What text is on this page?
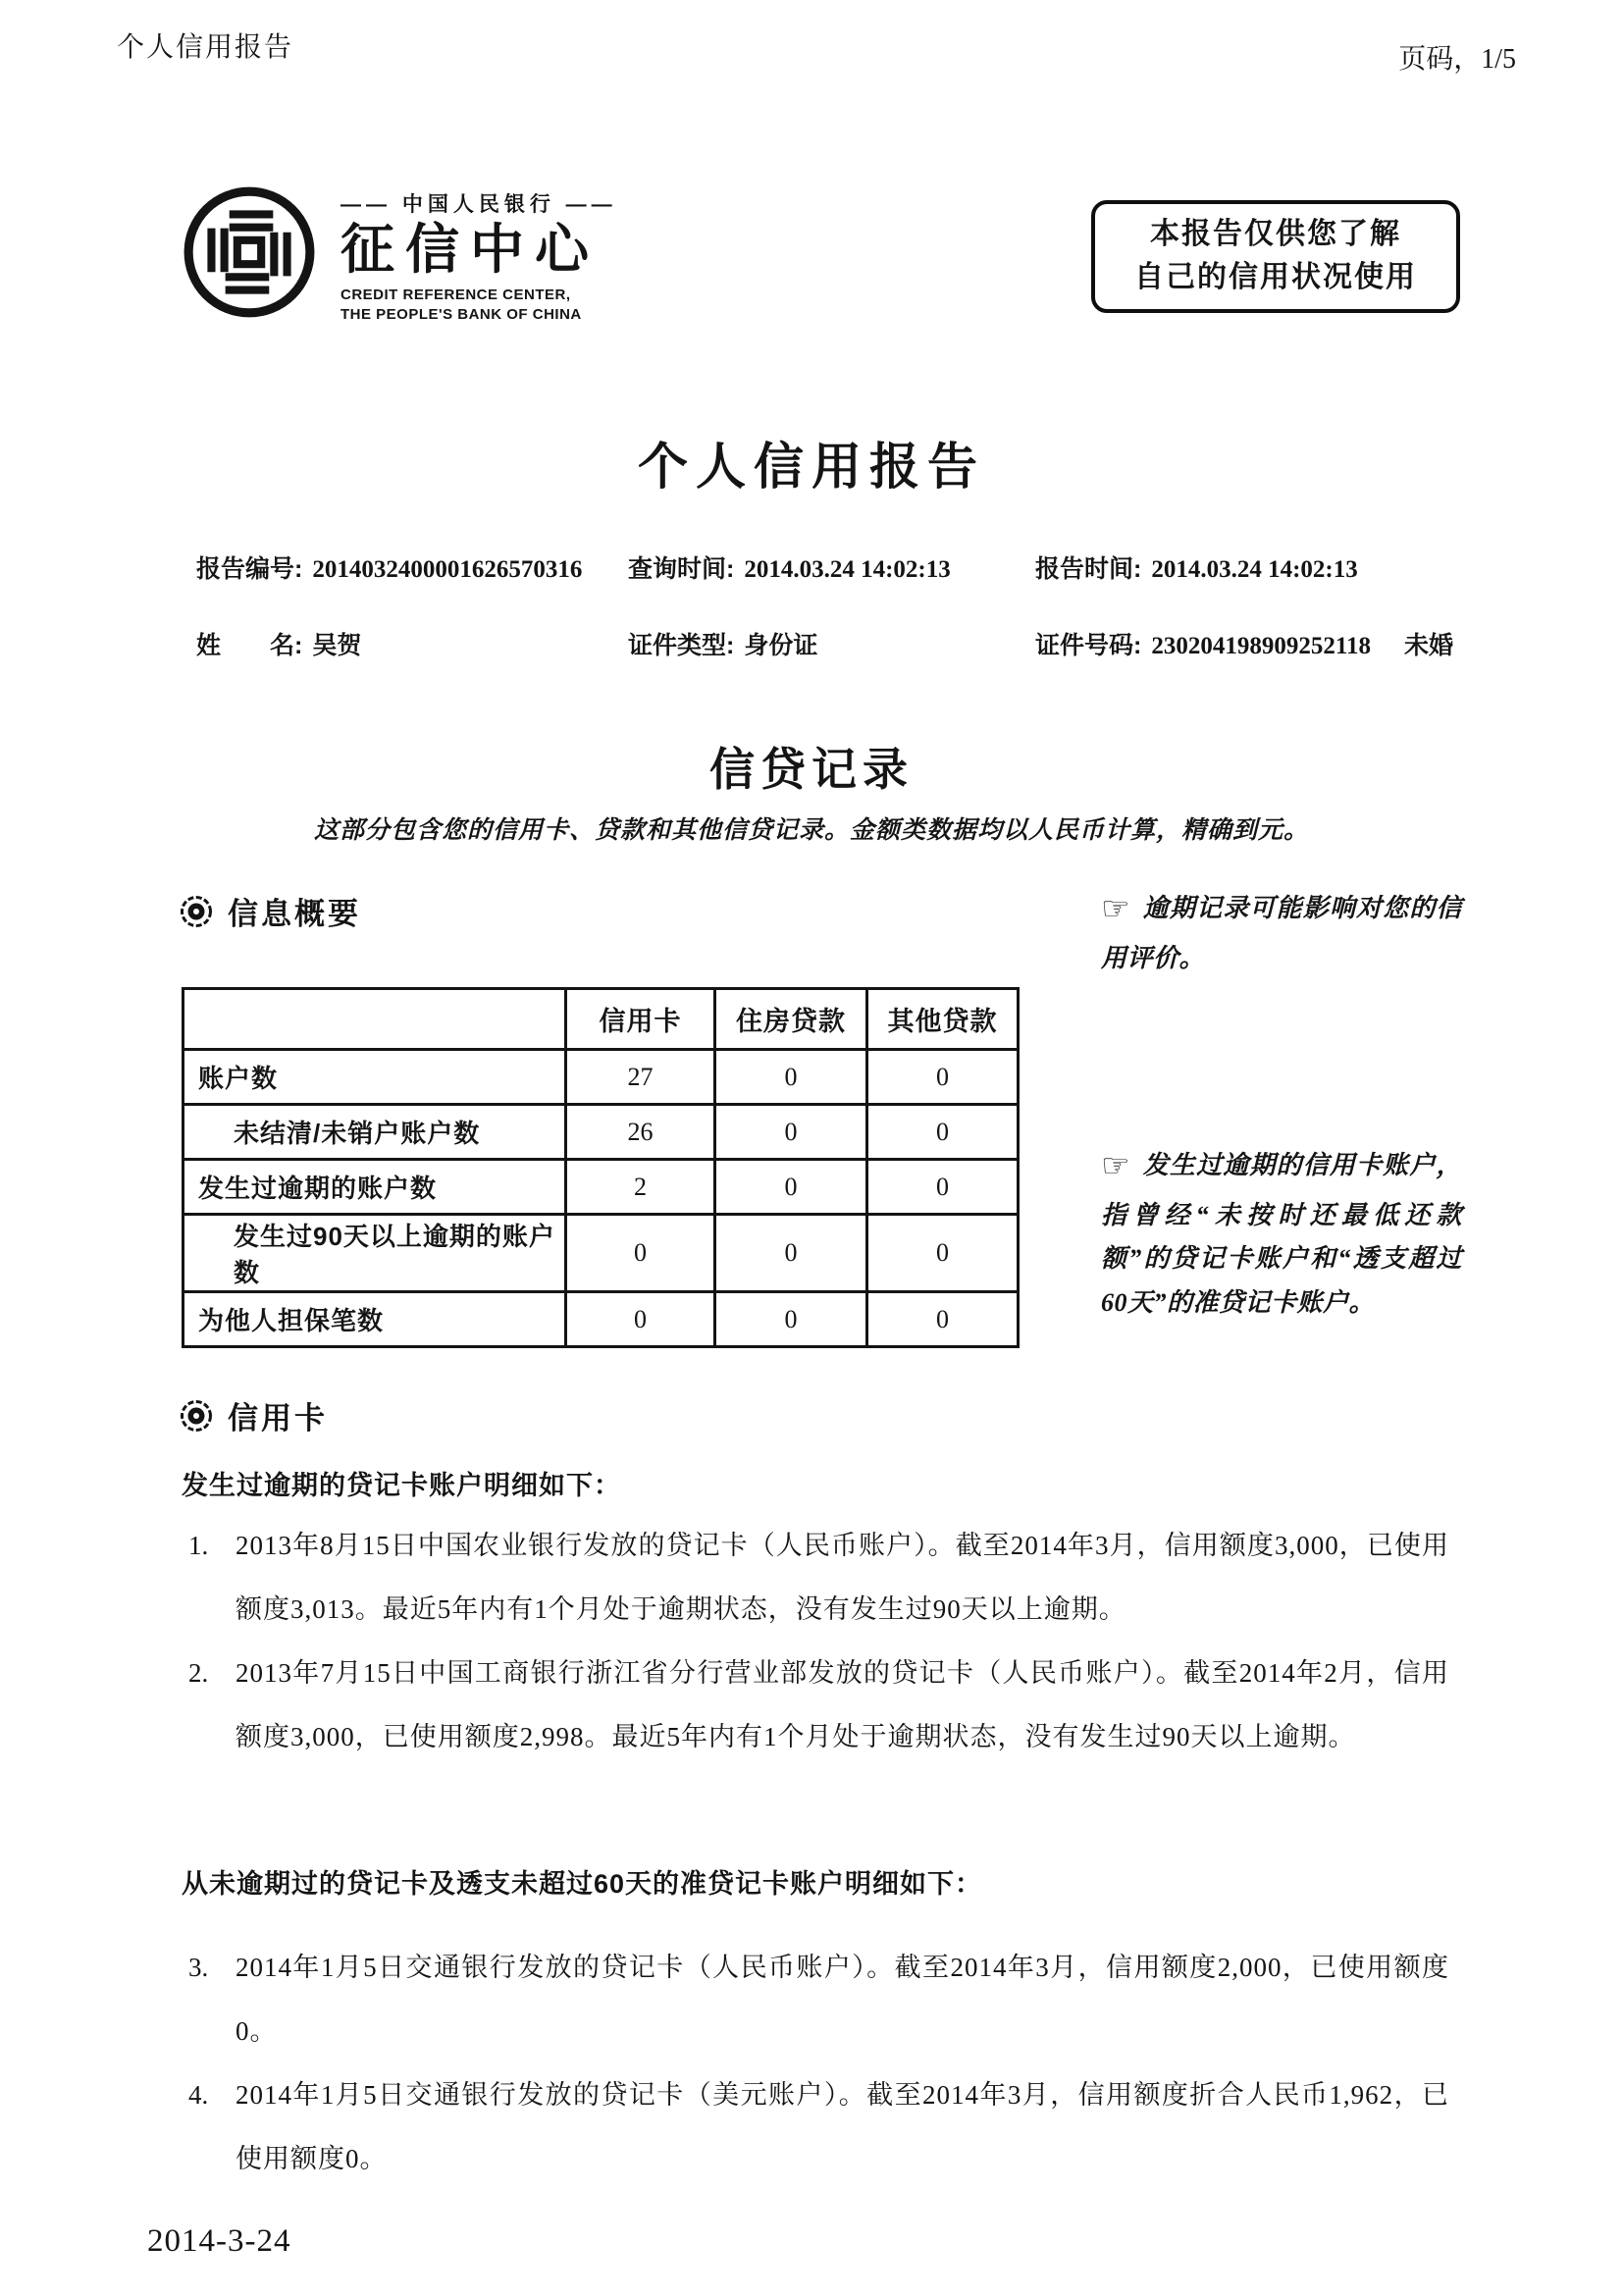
个人信用报告	页码，1/5
—— 中国人民银行 ——
征信中心
CREDIT REFERENCE CENTER,
THE PEOPLE'S BANK OF CHINA
本报告仅供您了解
自己的信用状况使用
个人信用报告
报告编号: 2014032400001626570316	查询时间: 2014.03.24 14:02:13	报告时间: 2014.03.24 14:02:13
姓　　名: 吴贺	证件类型: 身份证	证件号码: 230204198909252118 未婚
信贷记录
这部分包含您的信用卡、贷款和其他信贷记录。金额类数据均以人民币计算，精确到元。
信息概要	☞ 逾期记录可能影响对您的信用评价。
	信用卡	住房贷款	其他贷款
账户数	27	0	0
未结清/未销户账户数	26	0	0
发生过逾期的账户数	2	0	0
发生过90天以上逾期的账户数	0	0	0
为他人担保笔数	0	0	0
☞ 发生过逾期的信用卡账户，指曾经“未按时还最低还款额”的贷记卡账户和“透支超过60天”的准贷记卡账户。
信用卡
发生过逾期的贷记卡账户明细如下：
1.	2013年8月15日中国农业银行发放的贷记卡（人民币账户）。截至2014年3月，信用额度3,000，已使用额度3,013。最近5年内有1个月处于逾期状态，没有发生过90天以上逾期。

2.	2013年7月15日中国工商银行浙江省分行营业部发放的贷记卡（人民币账户）。截至2014年2月，信用额度3,000，已使用额度2,998。最近5年内有1个月处于逾期状态，没有发生过90天以上逾期。

从未逾期过的贷记卡及透支未超过60天的准贷记卡账户明细如下：
3.	2014年1月5日交通银行发放的贷记卡（人民币账户）。截至2014年3月，信用额度2,000，已使用额度0。

4.	2014年1月5日交通银行发放的贷记卡（美元账户）。截至2014年3月，信用额度折合人民币1,962，已使用额度0。

2014-3-24
